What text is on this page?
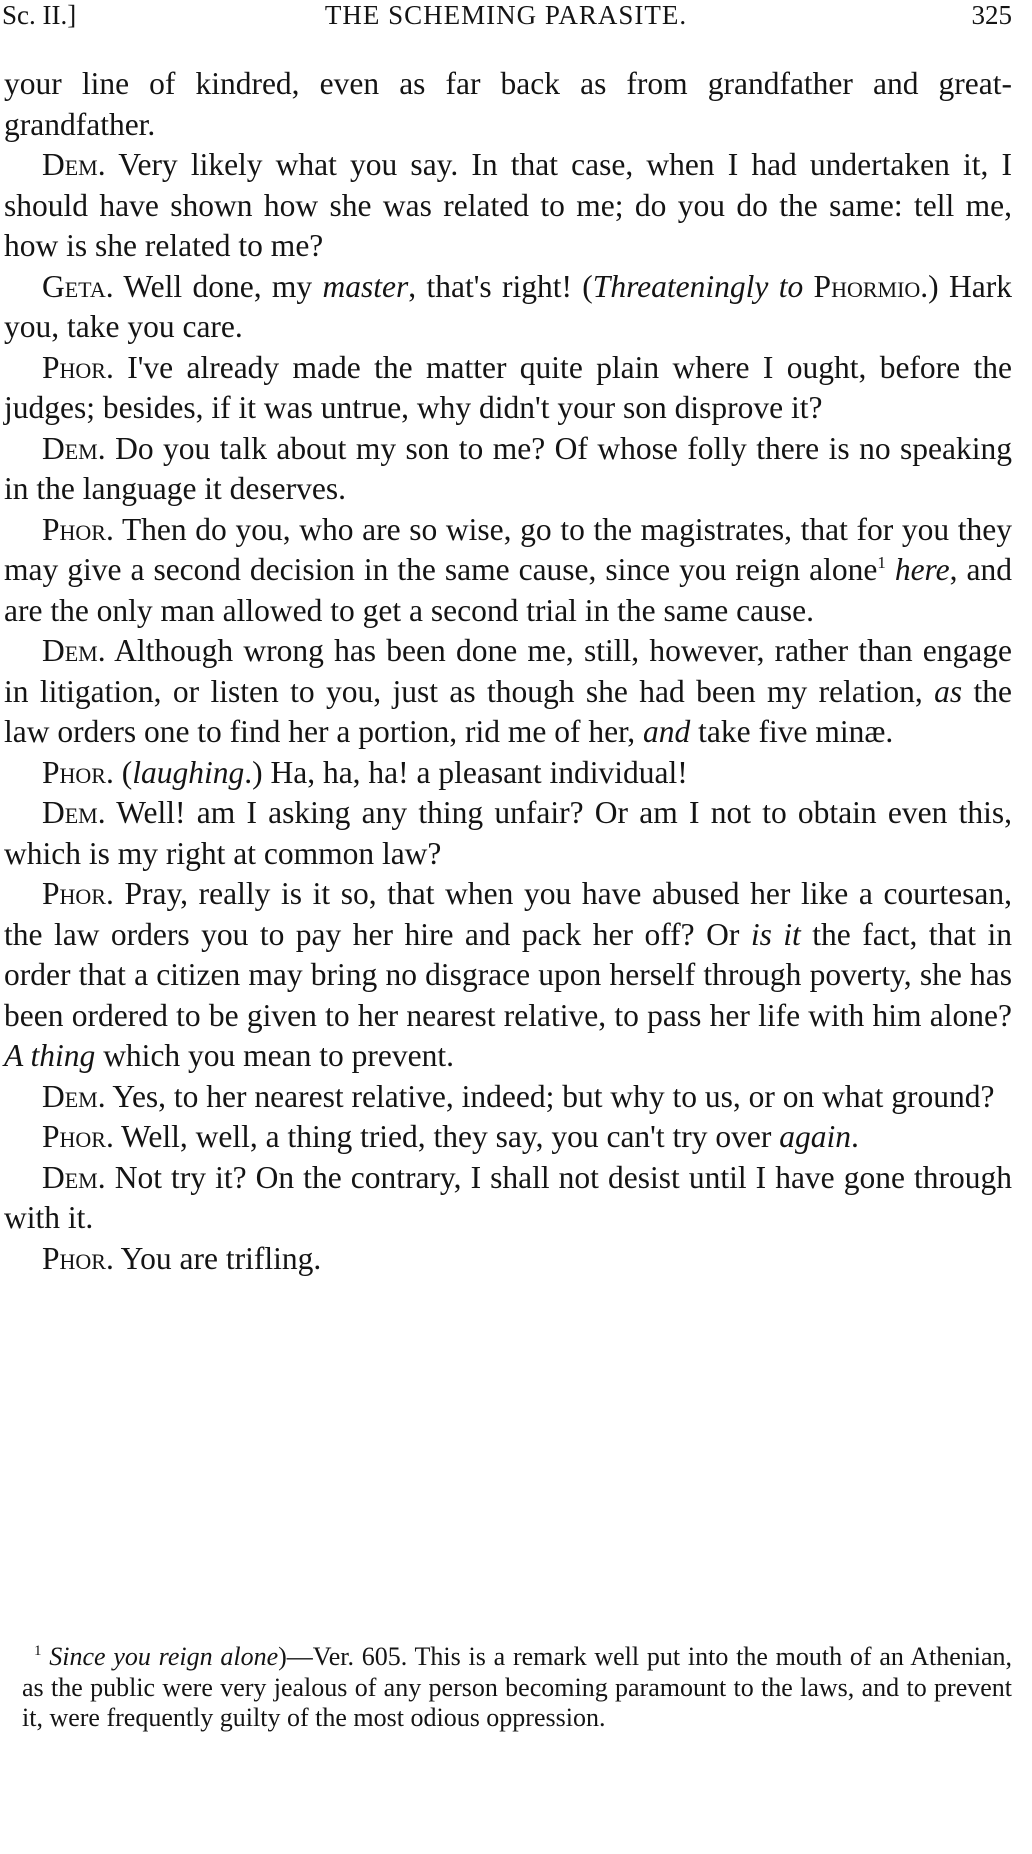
Sc. II.]	THE SCHEMING PARASITE.	325

your line of kindred, even as far back as from grandfather and great-grandfather.

Dem. Very likely what you say. In that case, when I had undertaken it, I should have shown how she was related to me; do you do the same: tell me, how is she related to me?

Geta. Well done, my master, that's right! (Threateningly to Phormio.) Hark you, take you care.

Phor. I've already made the matter quite plain where I ought, before the judges; besides, if it was untrue, why didn't your son disprove it?

Dem. Do you talk about my son to me? Of whose folly there is no speaking in the language it deserves.

Phor. Then do you, who are so wise, go to the magistrates, that for you they may give a second decision in the same cause, since you reign alone$^1$ here, and are the only man allowed to get a second trial in the same cause.

Dem. Although wrong has been done me, still, however, rather than engage in litigation, or listen to you, just as though she had been my relation, as the law orders one to find her a portion, rid me of her, and take five minæ.

Phor. (laughing.) Ha, ha, ha! a pleasant individual!

Dem. Well! am I asking any thing unfair? Or am I not to obtain even this, which is my right at common law?

Phor. Pray, really is it so, that when you have abused her like a courtesan, the law orders you to pay her hire and pack her off? Or is it the fact, that in order that a citizen may bring no disgrace upon herself through poverty, she has been ordered to be given to her nearest relative, to pass her life with him alone? A thing which you mean to prevent.

Dem. Yes, to her nearest relative, indeed; but why to us, or on what ground?

Phor. Well, well, a thing tried, they say, you can't try over again.

Dem. Not try it? On the contrary, I shall not desist until I have gone through with it.

Phor. You are trifling.

$^1$ Since you reign alone)—Ver. 605. This is a remark well put into the mouth of an Athenian, as the public were very jealous of any person becoming paramount to the laws, and to prevent it, were frequently guilty of the most odious oppression.
